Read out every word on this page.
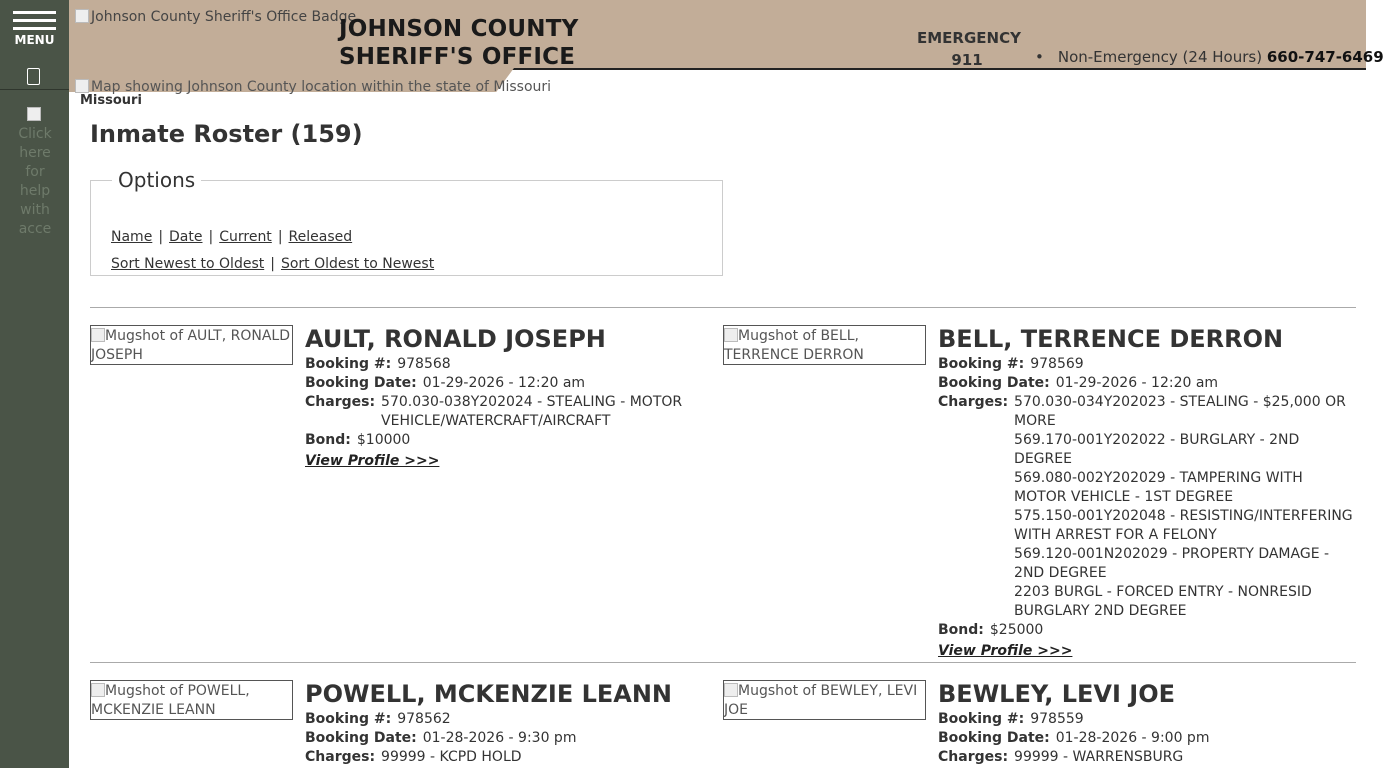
MENU
Click here for help with acce
Johnson County Sheriff's Office Badge
JOHNSON COUNTY
SHERIFF'S OFFICE
EMERGENCY
911	• Non-Emergency (24 Hours) 660-747-6469
Map showing Johnson County location within the state of Missouri
Missouri
Inmate Roster (159)
Options
Name | Date | Current | Released
Sort Newest to Oldest | Sort Oldest to Newest
Mugshot of AULT, RONALD JOSEPH
AULT, RONALD JOSEPH
Booking #: 978568
Booking Date: 01-29-2026 - 12:20 am
Charges: 570.030-038Y202024 - STEALING - MOTOR VEHICLE/WATERCRAFT/AIRCRAFT
Bond: $10000
View Profile >>>
Mugshot of BELL, TERRENCE DERRON
BELL, TERRENCE DERRON
Booking #: 978569
Booking Date: 01-29-2026 - 12:20 am
Charges: 570.030-034Y202023 - STEALING - $25,000 OR MORE
569.170-001Y202022 - BURGLARY - 2ND DEGREE
569.080-002Y202029 - TAMPERING WITH MOTOR VEHICLE - 1ST DEGREE
575.150-001Y202048 - RESISTING/INTERFERING WITH ARREST FOR A FELONY
569.120-001N202029 - PROPERTY DAMAGE - 2ND DEGREE
2203 BURGL - FORCED ENTRY - NONRESID BURGLARY 2ND DEGREE
Bond: $25000
View Profile >>>
Mugshot of POWELL, MCKENZIE LEANN
POWELL, MCKENZIE LEANN
Booking #: 978562
Booking Date: 01-28-2026 - 9:30 pm
Charges: 99999 - KCPD HOLD
Mugshot of BEWLEY, LEVI JOE
BEWLEY, LEVI JOE
Booking #: 978559
Booking Date: 01-28-2026 - 9:00 pm
Charges: 99999 - WARRENSBURG
